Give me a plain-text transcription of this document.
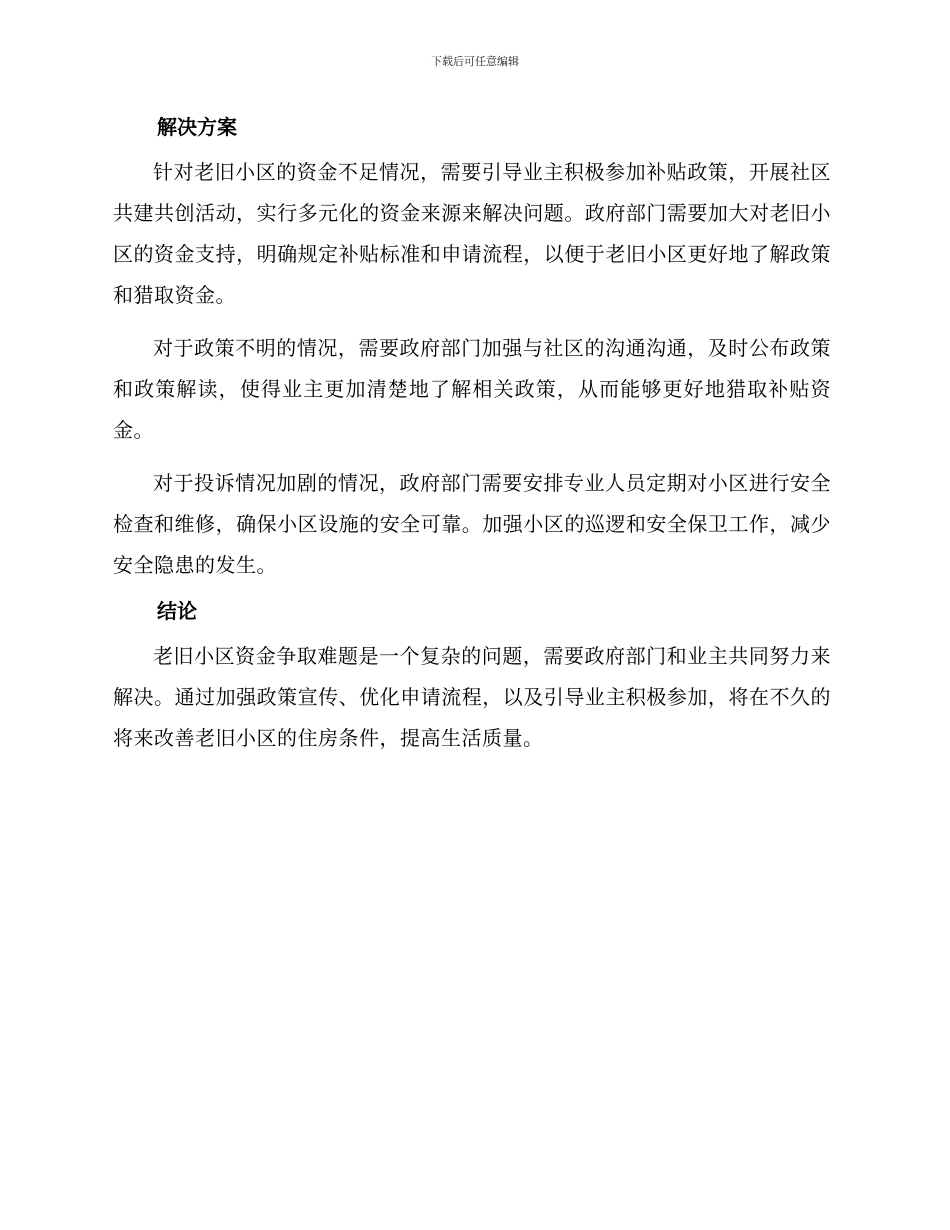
下载后可任意编辑
解决方案

针对老旧小区的资金不足情况，需要引导业主积极参加补贴政策，开展社区共建共创活动，实行多元化的资金来源来解决问题。政府部门需要加大对老旧小区的资金支持，明确规定补贴标准和申请流程，以便于老旧小区更好地了解政策和猎取资金。

对于政策不明的情况，需要政府部门加强与社区的沟通沟通，及时公布政策和政策解读，使得业主更加清楚地了解相关政策，从而能够更好地猎取补贴资金。

对于投诉情况加剧的情况，政府部门需要安排专业人员定期对小区进行安全检查和维修，确保小区设施的安全可靠。加强小区的巡逻和安全保卫工作，减少安全隐患的发生。

结论

老旧小区资金争取难题是一个复杂的问题，需要政府部门和业主共同努力来解决。通过加强政策宣传、优化申请流程，以及引导业主积极参加，将在不久的将来改善老旧小区的住房条件，提高生活质量。
